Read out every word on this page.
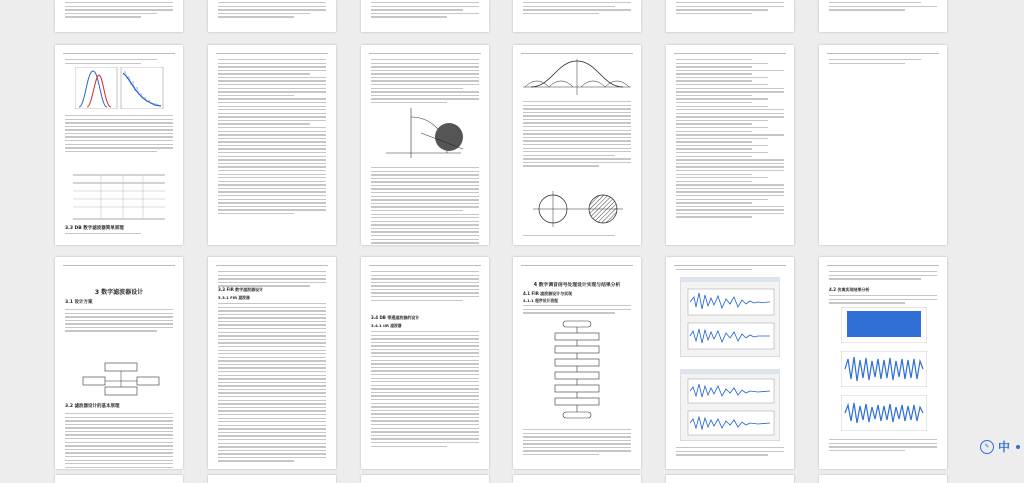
3.3 DB 数字滤波器简单原理
3 数字滤波器设计
3.1 设计方案
3.2 滤波器设计的基本原理
3.3 FIR 数字滤波器设计
3.3.1 FIR 滤波器
3.4 DB 带通滤波器的设计
3.4.1 IIR 滤波器
4 数字调音信号处理设计实现与结果分析
4.1 FIR 滤波器设计与实现
4.1.1 程序设计流程
4.2 仿真实现结果分析
✎ 中
